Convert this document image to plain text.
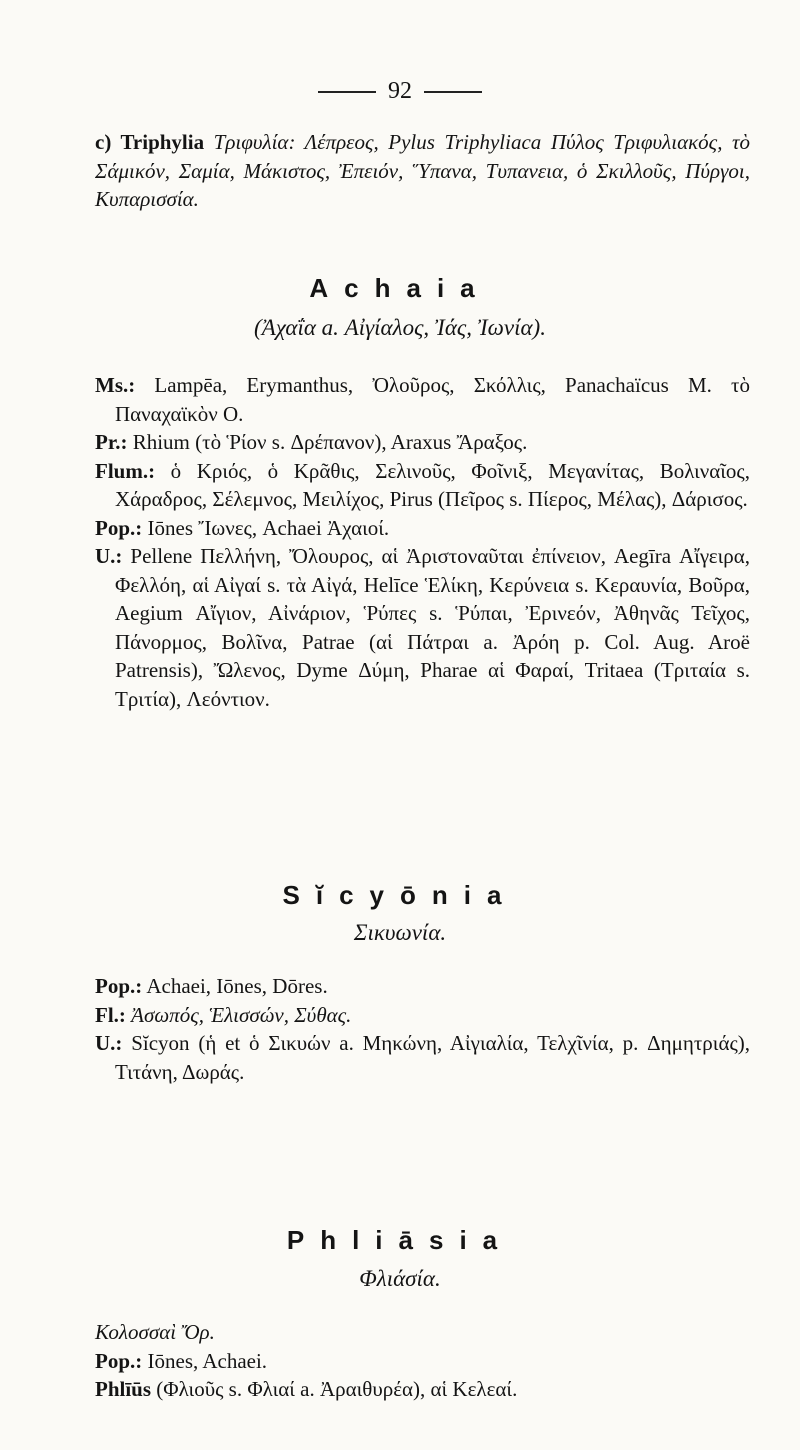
92

c) Triphylia Τριφυλία: Λέπρεος, Pylus Triphyliaca Πύλος Τριφυλιακός, τὸ Σάμικόν, Σαμία, Μάκιστος, Ἐπειόν, Ὕπανα, Τυπανεια, ὁ Σκιλλοῦς, Πύργοι, Κυπαρισσία.

Achaia
(Ἀχαΐα a. Αἰγίαλος, Ἰάς, Ἰωνία).

Ms.: Lampēa, Erymanthus, Ὀλοῦρος, Σκόλλις, Panachaïcus M. τὸ Παναχαϊκὸν Ο.
Pr.: Rhium (τὸ Ῥίον s. Δρέπανον), Araxus Ἄραξος.
Flum.: ὁ Κριός, ὁ Κρᾶθις, Σελινοῦς, Φοῖνιξ, Μεγανίτας, Βολιναῖος, Χάραδρος, Σέλεμνος, Μειλίχος, Pirus (Πεῖρος s. Πίερος, Μέλας), Δάρισος.
Pop.: Iōnes Ἴωνες, Achaei Ἀχαιοί.
U.: Pellene Πελλήνη, Ὄλουρος, αἱ Ἀριστοναῦται ἐπίνειον, Aegīra Αἴγειρα, Φελλόη, αἱ Αἰγαί s. τὰ Αἰγά, Helīce Ἑλίκη, Κερύνεια s. Κεραυνία, Βοῦρα, Aegium Αἴγιον, Αἰνάριον, Ῥύπες s. Ῥύπαι, Ἐρινεόν, Ἀθηνᾶς Τεῖχος, Πάνορμος, Βολῖνα, Patrae (αἱ Πάτραι a. Ἀρόη p. Col. Aug. Aroë Patrensis), Ὤλενος, Dyme Δύμη, Pharae αἱ Φαραί, Tritaea (Τριταία s. Τριτία), Λεόντιον.

Sĭcyōnia
Σικυωνία.

Pop.: Achaei, Iōnes, Dōres.
Fl.: Ἀσωπός, Ἑλισσών, Σύθας.
U.: Sĭcyon (ἡ et ὁ Σικυών a. Μηκώνη, Αἰγιαλία, Τελχῖνία, p. Δημητριάς), Τιτάνη, Δωράς.

Phliāsia
Φλιάσία.

Κολοσσαὶ Ὄρ.
Pop.: Iōnes, Achaei.
Phlīūs (Φλιοῦς s. Φλιαί a. Ἀραιθυρέα), αἱ Κελεαί.
